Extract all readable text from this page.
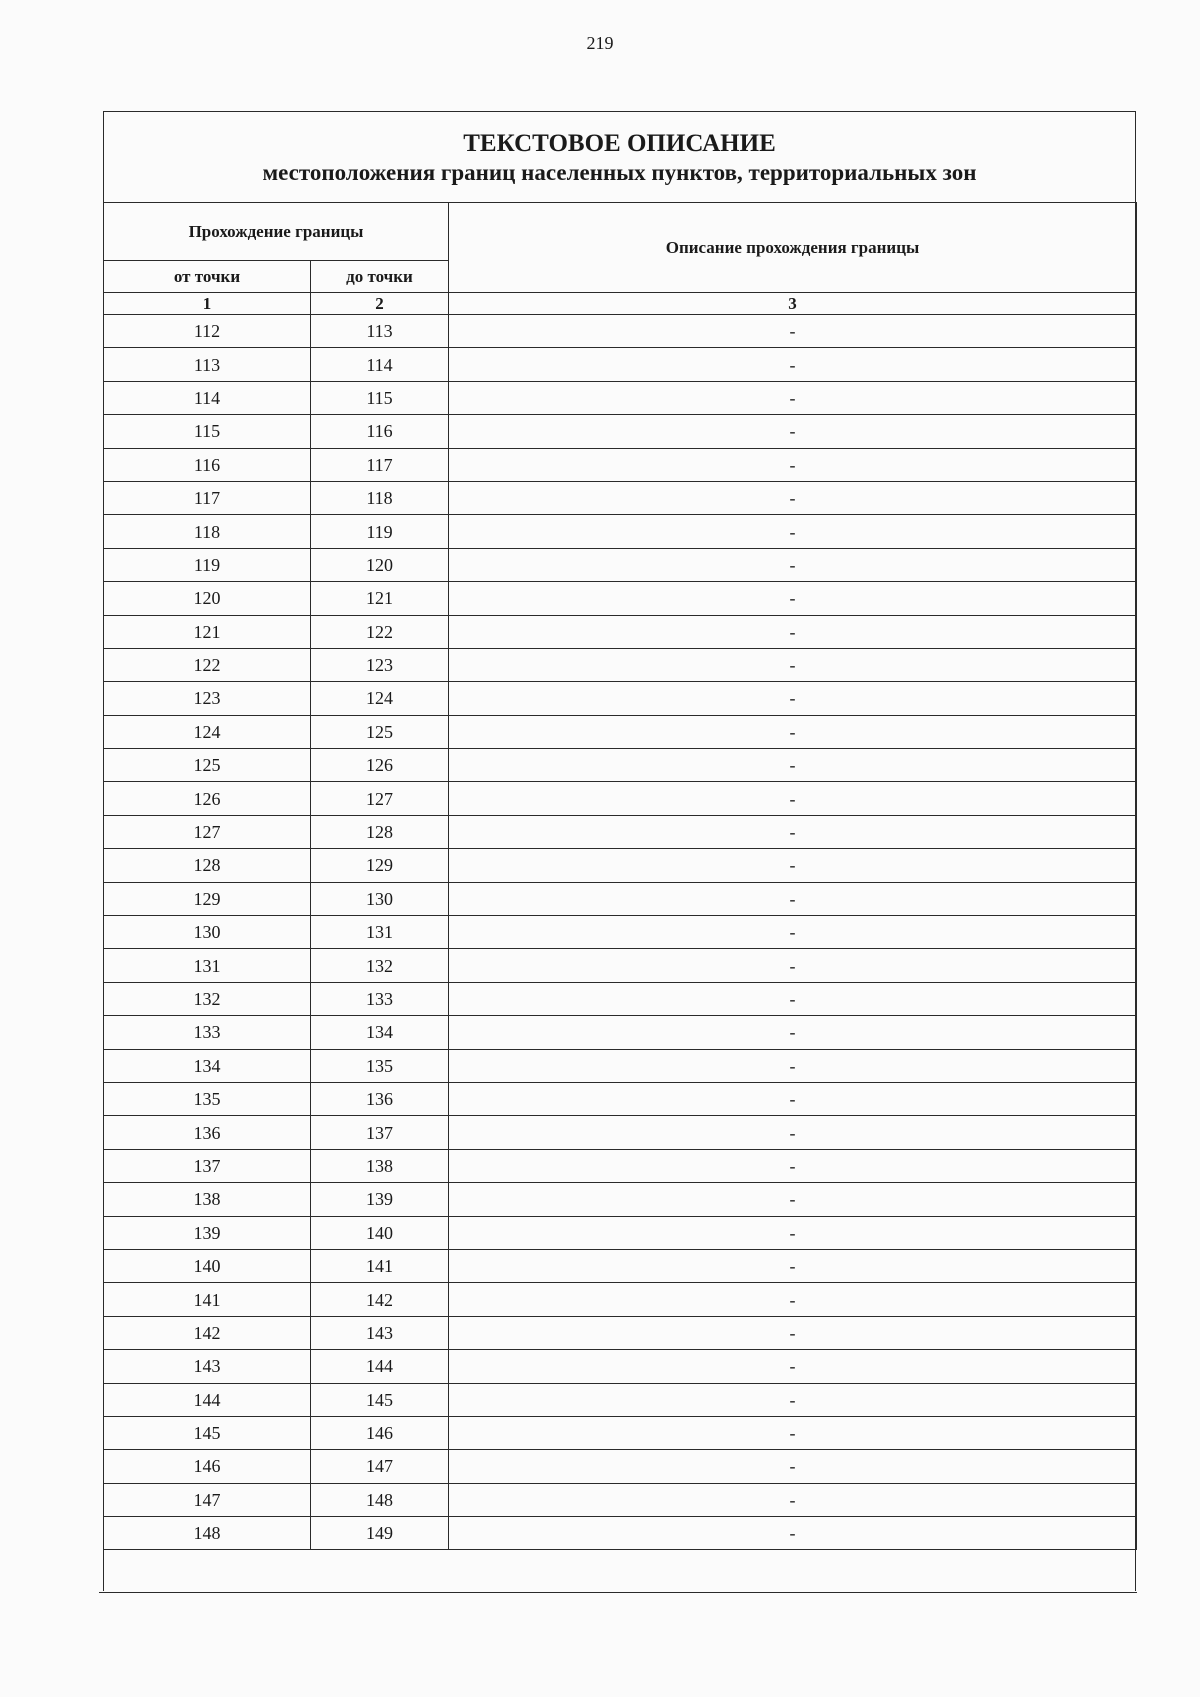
219
ТЕКСТОВОЕ ОПИСАНИЕ
местоположения границ населенных пунктов, территориальных зон
Прохождение границы		Описание прохождения границы
от точки	до точки	
1	2	3
112	113	-
113	114	-
114	115	-
115	116	-
116	117	-
117	118	-
118	119	-
119	120	-
120	121	-
121	122	-
122	123	-
123	124	-
124	125	-
125	126	-
126	127	-
127	128	-
128	129	-
129	130	-
130	131	-
131	132	-
132	133	-
133	134	-
134	135	-
135	136	-
136	137	-
137	138	-
138	139	-
139	140	-
140	141	-
141	142	-
142	143	-
143	144	-
144	145	-
145	146	-
146	147	-
147	148	-
148	149	-
